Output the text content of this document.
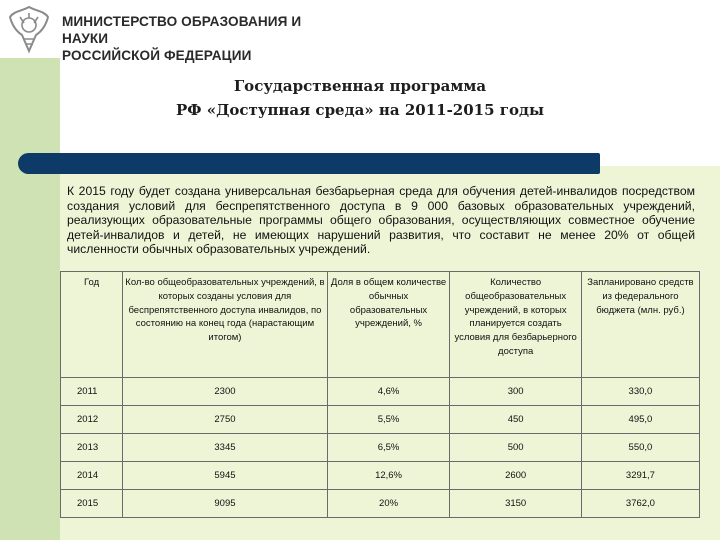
МИНИСТЕРСТВО ОБРАЗОВАНИЯ И НАУКИ
РОССИЙСКОЙ ФЕДЕРАЦИИ
Государственная программа
РФ «Доступная среда» на 2011-2015 годы
К 2015 году будет создана универсальная безбарьерная среда для обучения детей-инвалидов посредством создания условий для беспрепятственного доступа в 9 000 базовых образовательных учреждений, реализующих образовательные программы общего образования, осуществляющих совместное обучение детей-инвалидов и детей, не имеющих нарушений развития, что составит не менее 20% от общей численности обычных образовательных учреждений.
Год	Кол-во общеобразовательных учреждений, в которых созданы условия для беспрепятственного доступа инвалидов, по состоянию на конец года (нарастающим итогом)	Доля в общем количестве обычных образовательных учреждений, %	Количество общеобразовательных учреждений, в которых планируется создать условия для безбарьерного доступа	Запланировано средств из федерального бюджета (млн. руб.)
2011	2300	4,6%	300	330,0
2012	2750	5,5%	450	495,0
2013	3345	6,5%	500	550,0
2014	5945	12,6%	2600	3291,7
2015	9095	20%	3150	3762,0
